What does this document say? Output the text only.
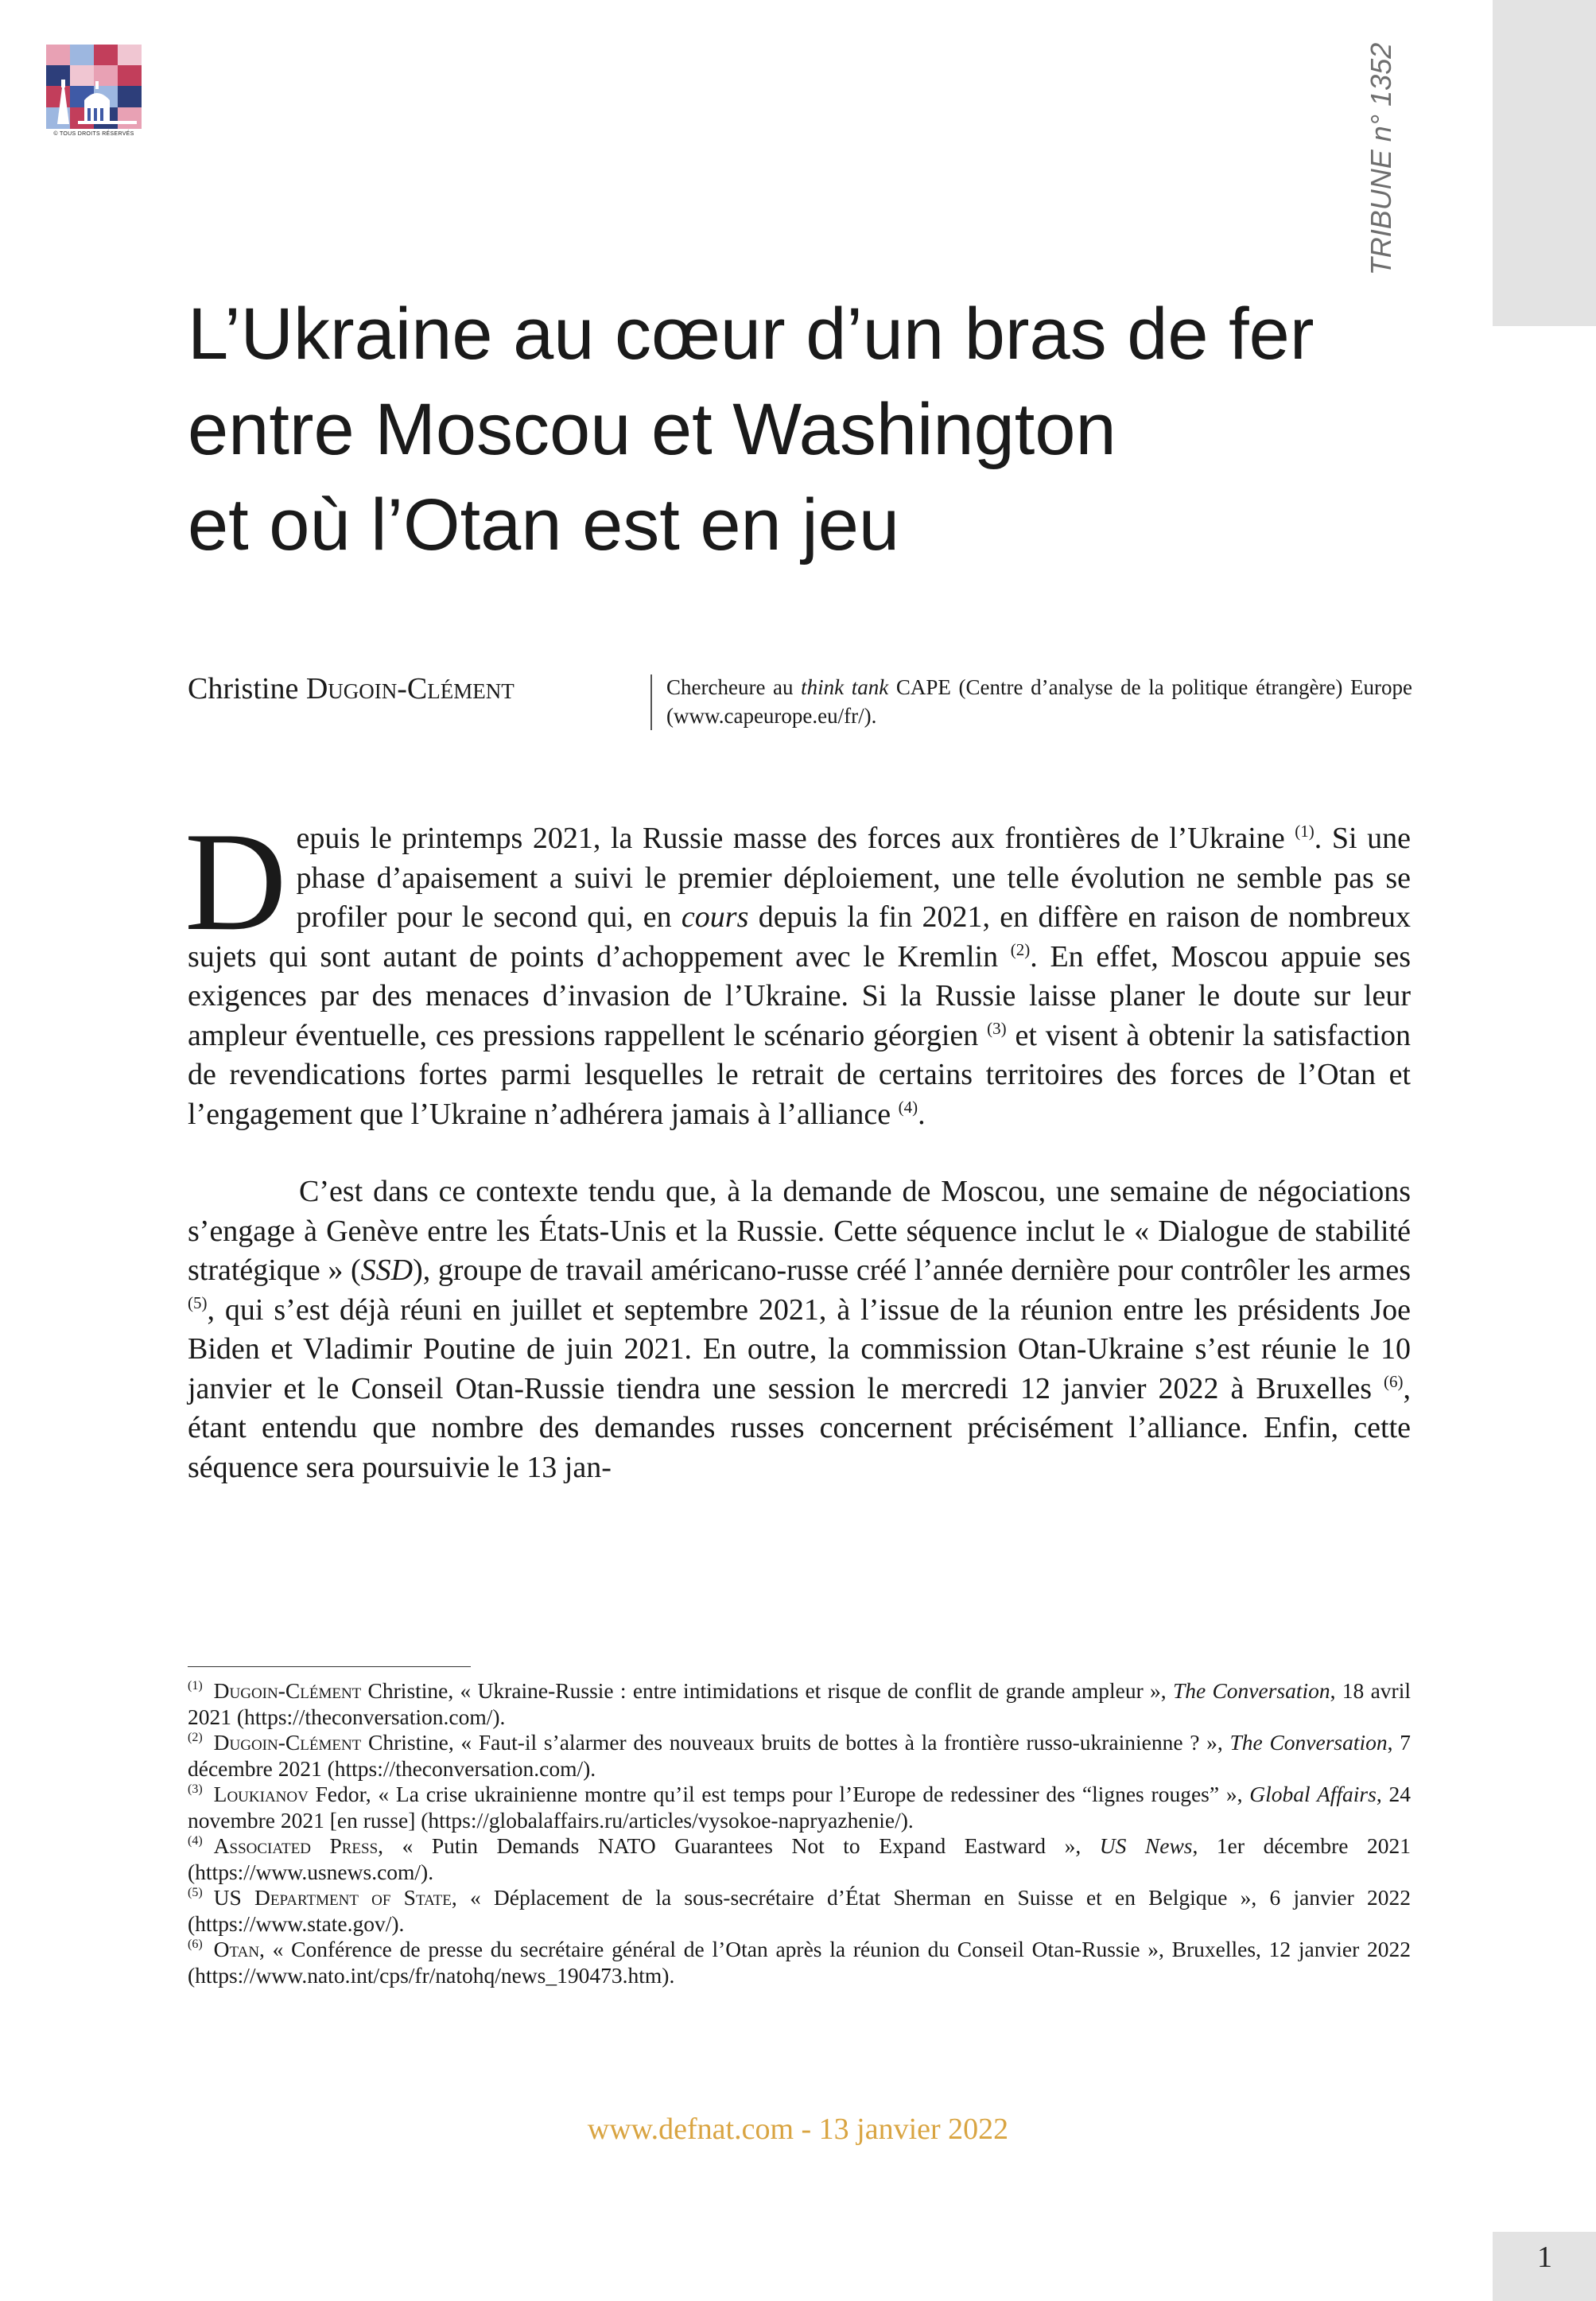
© TOUS DROITS RÉSERVÉS	TRIBUNE n° 1352
L’Ukraine au cœur d’un bras de fer
entre Moscou et Washington
et où l’Otan est en jeu
Christine Dugoin-Clément	Chercheure au think tank CAPE (Centre d’analyse de la politique étrangère) Europe (www.capeurope.eu/fr/).

Depuis le printemps 2021, la Russie masse des forces aux frontières de l’Ukraine $^{(1)}$. Si une phase d’apaisement a suivi le premier déploiement, une telle évolution ne semble pas se profiler pour le second qui, en cours depuis la fin 2021, en diffère en raison de nombreux sujets qui sont autant de points d’achoppement avec le Kremlin $^{(2)}$. En effet, Moscou appuie ses exigences par des menaces d’invasion de l’Ukraine. Si la Russie laisse planer le doute sur leur ampleur éventuelle, ces pressions rappellent le scénario géorgien $^{(3)}$ et visent à obtenir la satisfaction de revendications fortes parmi lesquelles le retrait de certains territoires des forces de l’Otan et l’engagement que l’Ukraine n’adhérera jamais à l’alliance $^{(4)}$.

C’est dans ce contexte tendu que, à la demande de Moscou, une semaine de négociations s’engage à Genève entre les États-Unis et la Russie. Cette séquence inclut le « Dialogue de stabilité stratégique » (SSD), groupe de travail américano-russe créé l’année dernière pour contrôler les armes $^{(5)}$, qui s’est déjà réuni en juillet et septembre 2021, à l’issue de la réunion entre les présidents Joe Biden et Vladimir Poutine de juin 2021. En outre, la commission Otan-Ukraine s’est réunie le 10 janvier et le Conseil Otan-Russie tiendra une session le mercredi 12 janvier 2022 à Bruxelles $^{(6)}$, étant entendu que nombre des demandes russes concernent précisément l’alliance. Enfin, cette séquence sera poursuivie le 13 jan-

$^{(1)}$ Dugoin-Clément Christine, « Ukraine-Russie : entre intimidations et risque de conflit de grande ampleur », The Conversation, 18 avril 2021 (https://theconversation.com/).

$^{(2)}$ Dugoin-Clément Christine, « Faut-il s’alarmer des nouveaux bruits de bottes à la frontière russo-ukrainienne ? », The Conversation, 7 décembre 2021 (https://theconversation.com/).

$^{(3)}$ Loukianov Fedor, « La crise ukrainienne montre qu’il est temps pour l’Europe de redessiner des “lignes rouges” », Global Affairs, 24 novembre 2021 [en russe] (https://globalaffairs.ru/articles/vysokoe-napryazhenie/).

$^{(4)}$ Associated Press, « Putin Demands NATO Guarantees Not to Expand Eastward », US News, 1er décembre 2021 (https://www.usnews.com/).

$^{(5)}$ US Department of State, « Déplacement de la sous-secrétaire d’État Sherman en Suisse et en Belgique », 6 janvier 2022 (https://www.state.gov/).

$^{(6)}$ Otan, « Conférence de presse du secrétaire général de l’Otan après la réunion du Conseil Otan-Russie », Bruxelles, 12 janvier 2022 (https://www.nato.int/cps/fr/natohq/news_190473.htm).

www.defnat.com - 13 janvier 2022
1
